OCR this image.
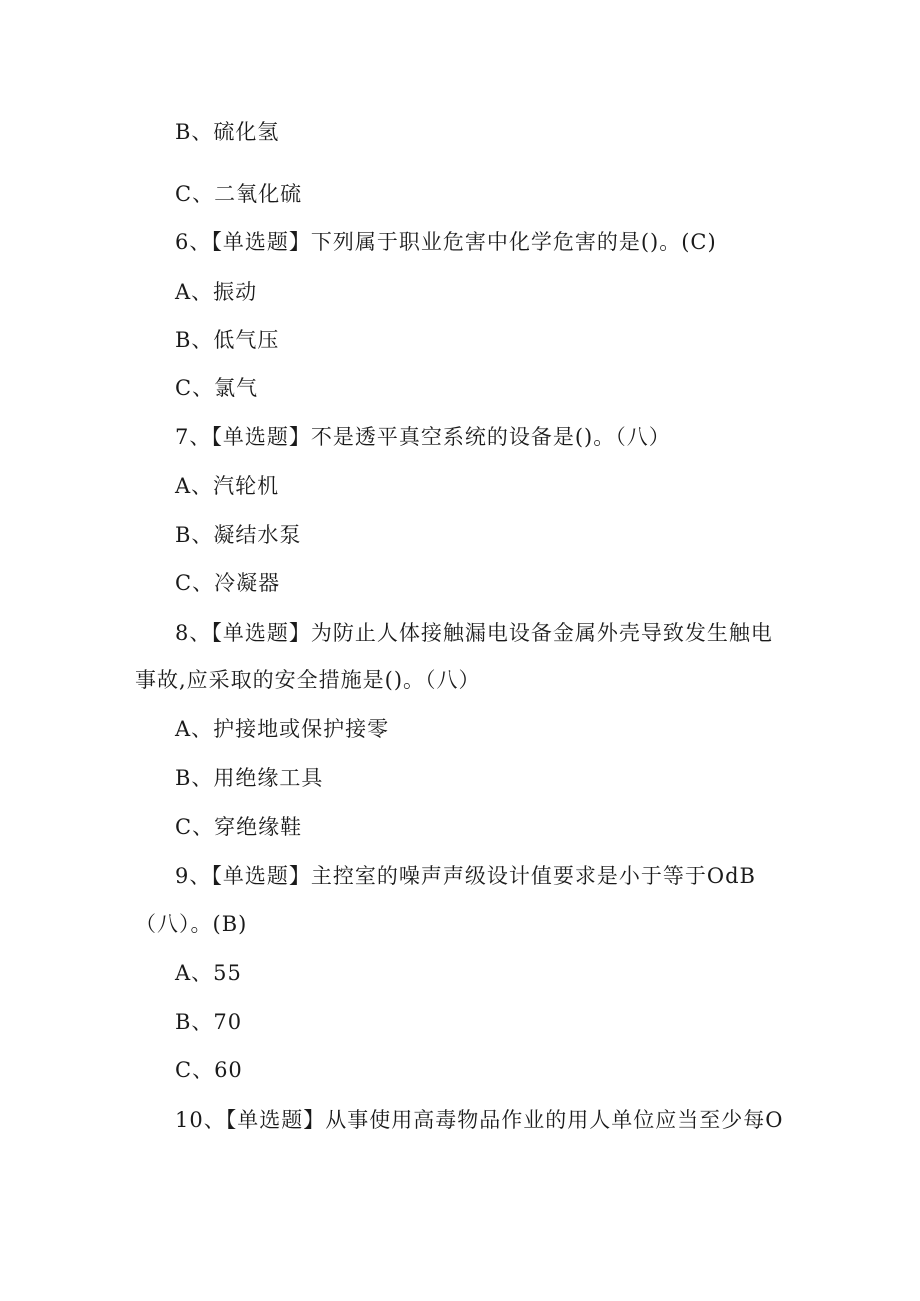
B、硫化氢
C、二氧化硫
6、【单选题】下列属于职业危害中化学危害的是()。(C)
A、振动
B、低气压
C、氯气
7、【单选题】不是透平真空系统的设备是()。（八）
A、汽轮机
B、凝结水泵
C、冷凝器
8、【单选题】为防止人体接触漏电设备金属外壳导致发生触电
事故,应采取的安全措施是()。（八）
A、护接地或保护接零
B、用绝缘工具
C、穿绝缘鞋
9、【单选题】主控室的噪声声级设计值要求是小于等于OdB
（八）。(B)
A、55
B、70
C、60
10、【单选题】从事使用高毒物品作业的用人单位应当至少每O
